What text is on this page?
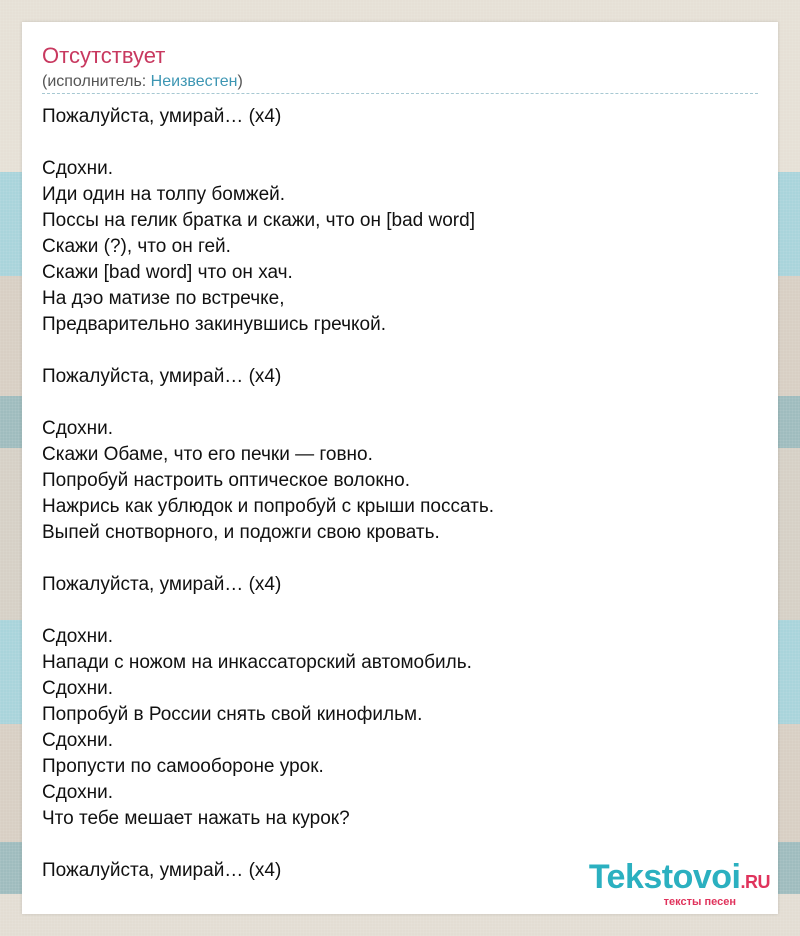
Отсутствует
(исполнитель: Неизвестен)
Пожалуйста, умирай… (х4)
Сдохни.
Иди один на толпу бомжей.
Поссы на гелик братка и скажи, что он [bad word]
Скажи (?), что он гей.
Скажи [bad word] что он хач.
На дэо матизе по встречке,
Предварительно закинувшись гречкой.
Пожалуйста, умирай… (х4)
Сдохни.
Скажи Обаме, что его печки — говно.
Попробуй настроить оптическое волокно.
Нажрись как ублюдок и попробуй с крыши поссать.
Выпей снотворного, и подожги свою кровать.
Пожалуйста, умирай… (х4)
Сдохни.
Напади с ножом на инкассаторский автомобиль.
Сдохни.
Попробуй в России снять свой кинофильм.
Сдохни.
Пропусти по самообороне урок.
Сдохни.
Что тебе мешает нажать на курок?
Пожалуйста, умирай… (х4)	Tekstovoi.RU
тексты песен
